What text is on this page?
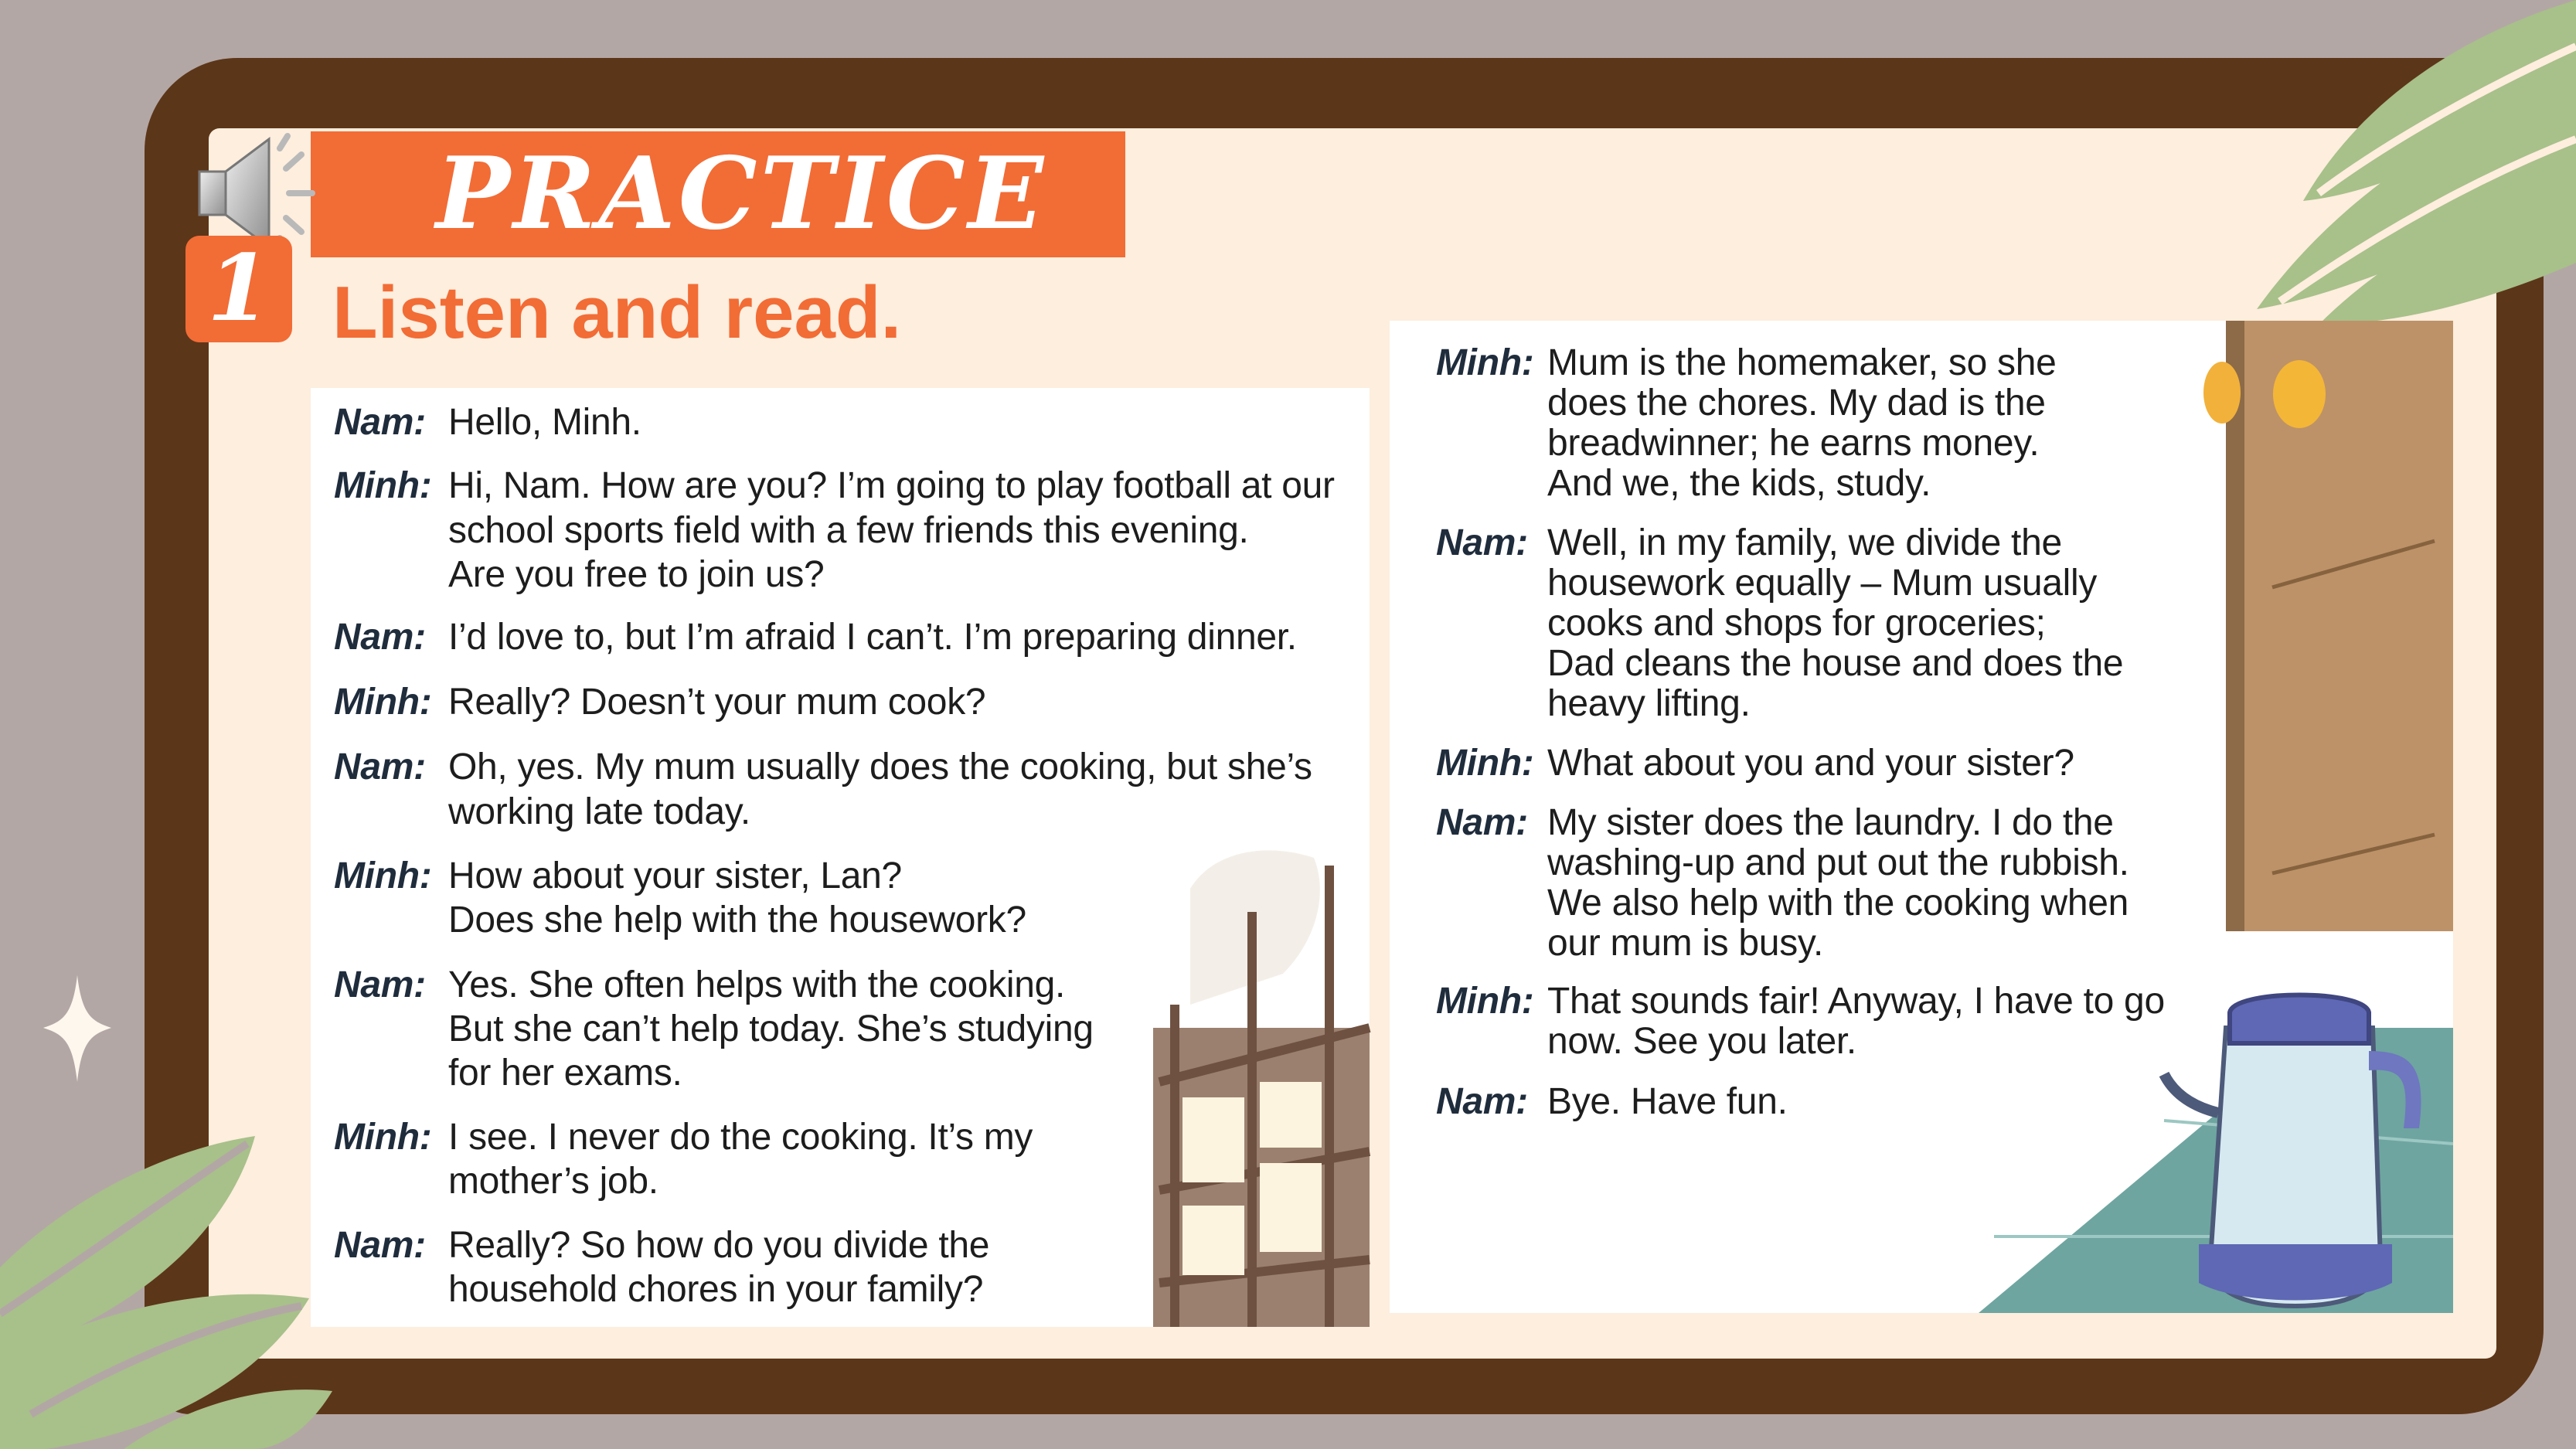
PRACTICE
1 Listen and read.
Nam: Hello, Minh.
Minh: Hi, Nam. How are you? I’m going to play football at our
school sports field with a few friends this evening.
Are you free to join us?
Nam: I’d love to, but I’m afraid I can’t. I’m preparing dinner.
Minh: Really? Doesn’t your mum cook?
Nam: Oh, yes. My mum usually does the cooking, but she’s
working late today.
Minh: How about your sister, Lan?
Does she help with the housework?
Nam: Yes. She often helps with the cooking.
But she can’t help today. She’s studying
for her exams.
Minh: I see. I never do the cooking. It’s my
mother’s job.
Nam: Really? So how do you divide the
household chores in your family?
Minh: Mum is the homemaker, so she
does the chores. My dad is the
breadwinner; he earns money.
And we, the kids, study.
Nam: Well, in my family, we divide the
housework equally – Mum usually
cooks and shops for groceries;
Dad cleans the house and does the
heavy lifting.
Minh: What about you and your sister?
Nam: My sister does the laundry. I do the
washing-up and put out the rubbish.
We also help with the cooking when
our mum is busy.
Minh: That sounds fair! Anyway, I have to go
now. See you later.
Nam: Bye. Have fun.
